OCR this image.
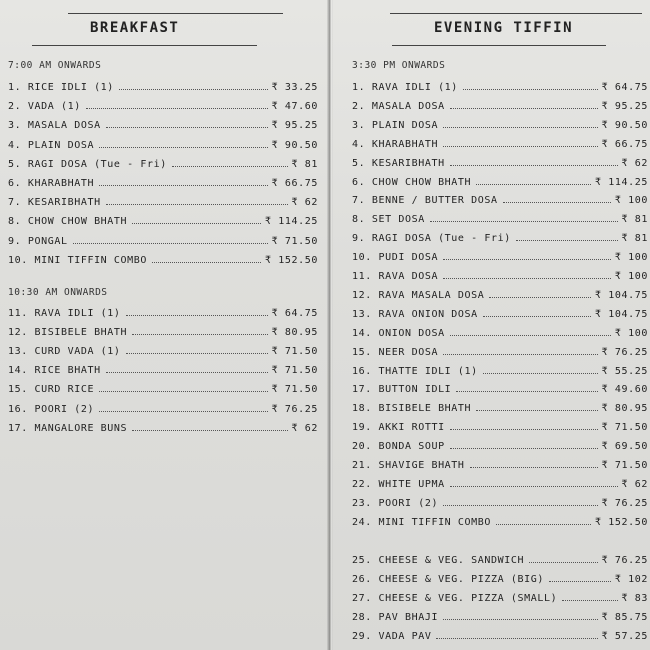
BREAKFAST
7:00 AM ONWARDS
1. RICE IDLI (1)	₹ 33.25
2. VADA (1)	₹ 47.60
3. MASALA DOSA	₹ 95.25
4. PLAIN DOSA	₹ 90.50
5. RAGI DOSA (Tue - Fri)	₹ 81
6. KHARABHATH	₹ 66.75
7. KESARIBHATH	₹ 62
8. CHOW CHOW BHATH	₹ 114.25
9. PONGAL	₹ 71.50
10. MINI TIFFIN COMBO	₹ 152.50
10:30 AM ONWARDS
11. RAVA IDLI (1)	₹ 64.75
12. BISIBELE BHATH	₹ 80.95
13. CURD VADA (1)	₹ 71.50
14. RICE BHATH	₹ 71.50
15. CURD RICE	₹ 71.50
16. POORI (2)	₹ 76.25
17. MANGALORE BUNS	₹ 62
EVENING TIFFIN
3:30 PM ONWARDS
1. RAVA IDLI (1)	₹ 64.75
2. MASALA DOSA	₹ 95.25
3. PLAIN DOSA	₹ 90.50
4. KHARABHATH	₹ 66.75
5. KESARIBHATH	₹ 62
6. CHOW CHOW BHATH	₹ 114.25
7. BENNE / BUTTER DOSA	₹ 100
8. SET DOSA	₹ 81
9. RAGI DOSA (Tue - Fri)	₹ 81
10. PUDI DOSA	₹ 100
11. RAVA DOSA	₹ 100
12. RAVA MASALA DOSA	₹ 104.75
13. RAVA ONION DOSA	₹ 104.75
14. ONION DOSA	₹ 100
15. NEER DOSA	₹ 76.25
16. THATTE IDLI (1)	₹ 55.25
17. BUTTON IDLI	₹ 49.60
18. BISIBELE BHATH	₹ 80.95
19. AKKI ROTTI	₹ 71.50
20. BONDA SOUP	₹ 69.50
21. SHAVIGE BHATH	₹ 71.50
22. WHITE UPMA	₹ 62
23. POORI (2)	₹ 76.25
24. MINI TIFFIN COMBO	₹ 152.50
25. CHEESE & VEG. SANDWICH	₹ 76.25
26. CHEESE & VEG. PIZZA (BIG)	₹ 102
27. CHEESE & VEG. PIZZA (SMALL)	₹ 83
28. PAV BHAJI	₹ 85.75
29. VADA PAV	₹ 57.25
